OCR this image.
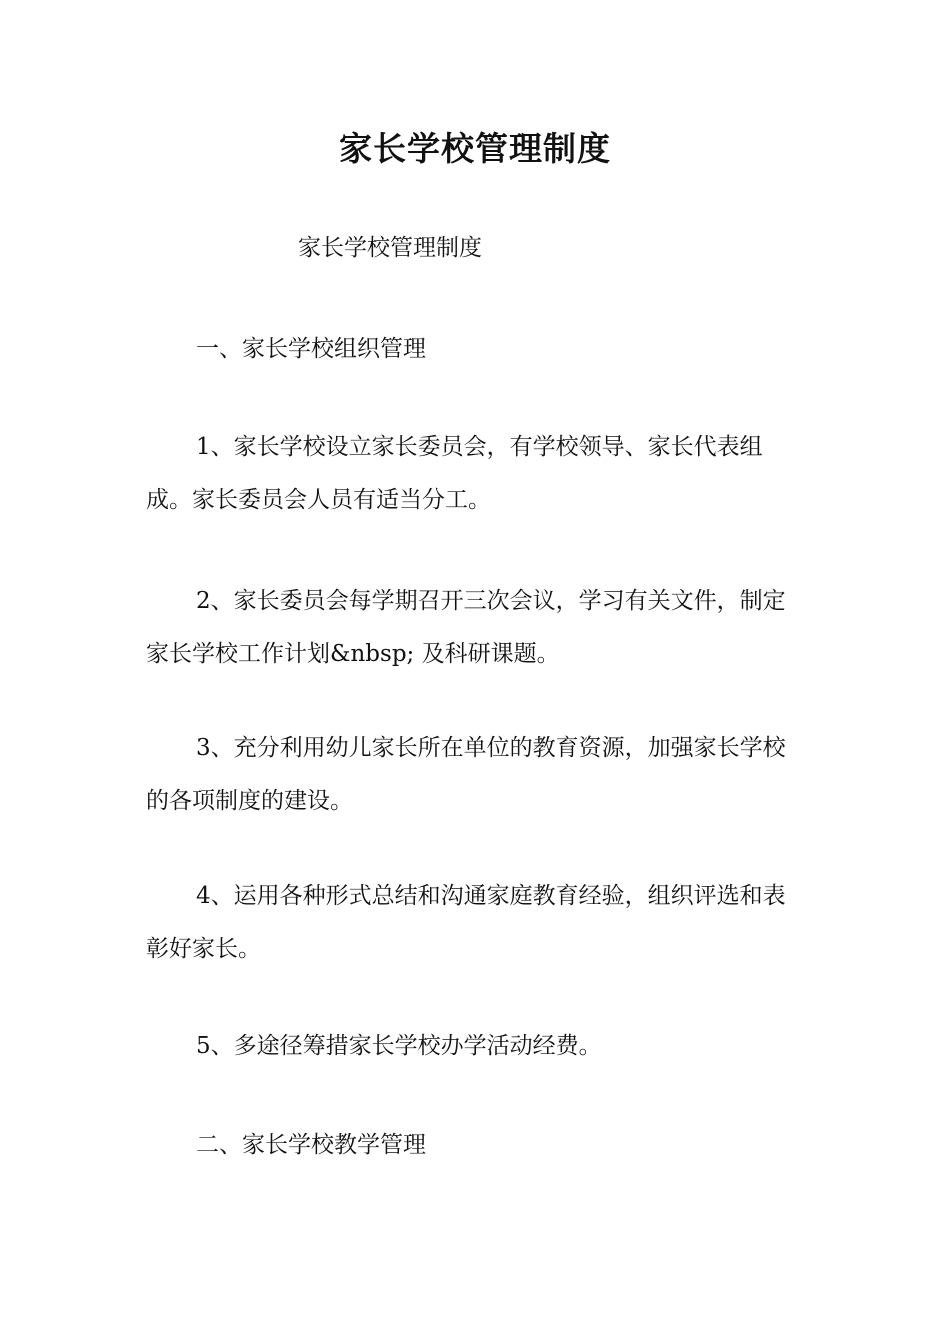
家长学校管理制度

家长学校管理制度

一、家长学校组织管理

1、家长学校设立家长委员会，有学校领导、家长代表组成。家长委员会人员有适当分工。

2、家长委员会每学期召开三次会议，学习有关文件，制定家长学校工作计划&nbsp; 及科研课题。

3、充分利用幼儿家长所在单位的教育资源，加强家长学校的各项制度的建设。

4、运用各种形式总结和沟通家庭教育经验，组织评选和表彰好家长。

5、多途径筹措家长学校办学活动经费。

二、家长学校教学管理
